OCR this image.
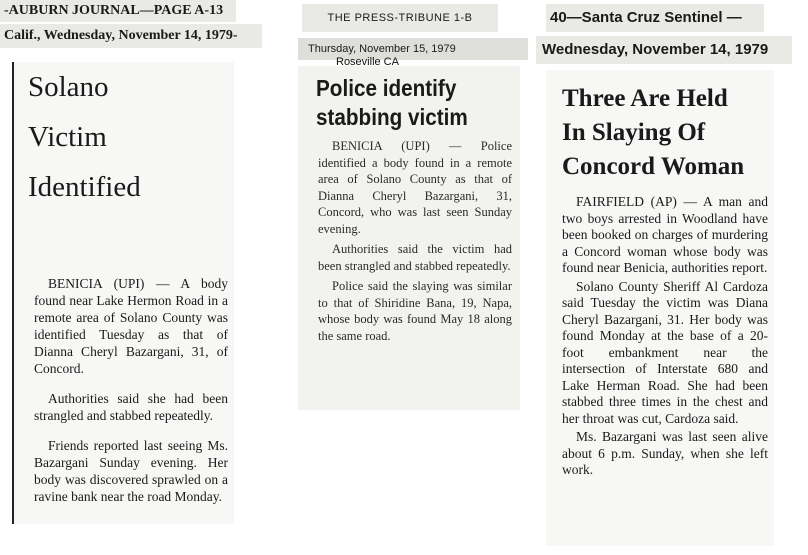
-AUBURN JOURNAL—PAGE A-13
Calif., Wednesday, November 14, 1979-
Solano
Victim
Identified

BENICIA (UPI) — A body found near Lake Hermon Road in a remote area of Solano County was identified Tuesday as that of Dianna Cheryl Bazargani, 31, of Concord.

Authorities said she had been strangled and stabbed repeatedly.

Friends reported last seeing Ms. Bazargani Sunday evening. Her body was discovered sprawled on a ravine bank near the road Monday.

THE PRESS-TRIBUNE 1-B
Thursday, November 15, 1979
Police identify
stabbing victim

BENICIA (UPI) — Police identified a body found in a remote area of Solano County as that of Dianna Cheryl Bazargani, 31, Concord, who was last seen Sunday evening.

Authorities said the victim had been strangled and stabbed repeatedly.

Police said the slaying was similar to that of Shiridine Bana, 19, Napa, whose body was found May 18 along the same road.

Roseville CA
40—Santa Cruz Sentinel —
Wednesday, November 14, 1979
Three Are Held
In Slaying Of
Concord Woman

FAIRFIELD (AP) — A man and two boys arrested in Woodland have been booked on charges of murdering a Concord woman whose body was found near Benicia, authorities report.

Solano County Sheriff Al Cardoza said Tuesday the victim was Diana Cheryl Bazargani, 31. Her body was found Monday at the base of a 20-foot embankment near the intersection of Interstate 680 and Lake Herman Road. She had been stabbed three times in the chest and her throat was cut, Cardoza said.

Ms. Bazargani was last seen alive about 6 p.m. Sunday, when she left work.
